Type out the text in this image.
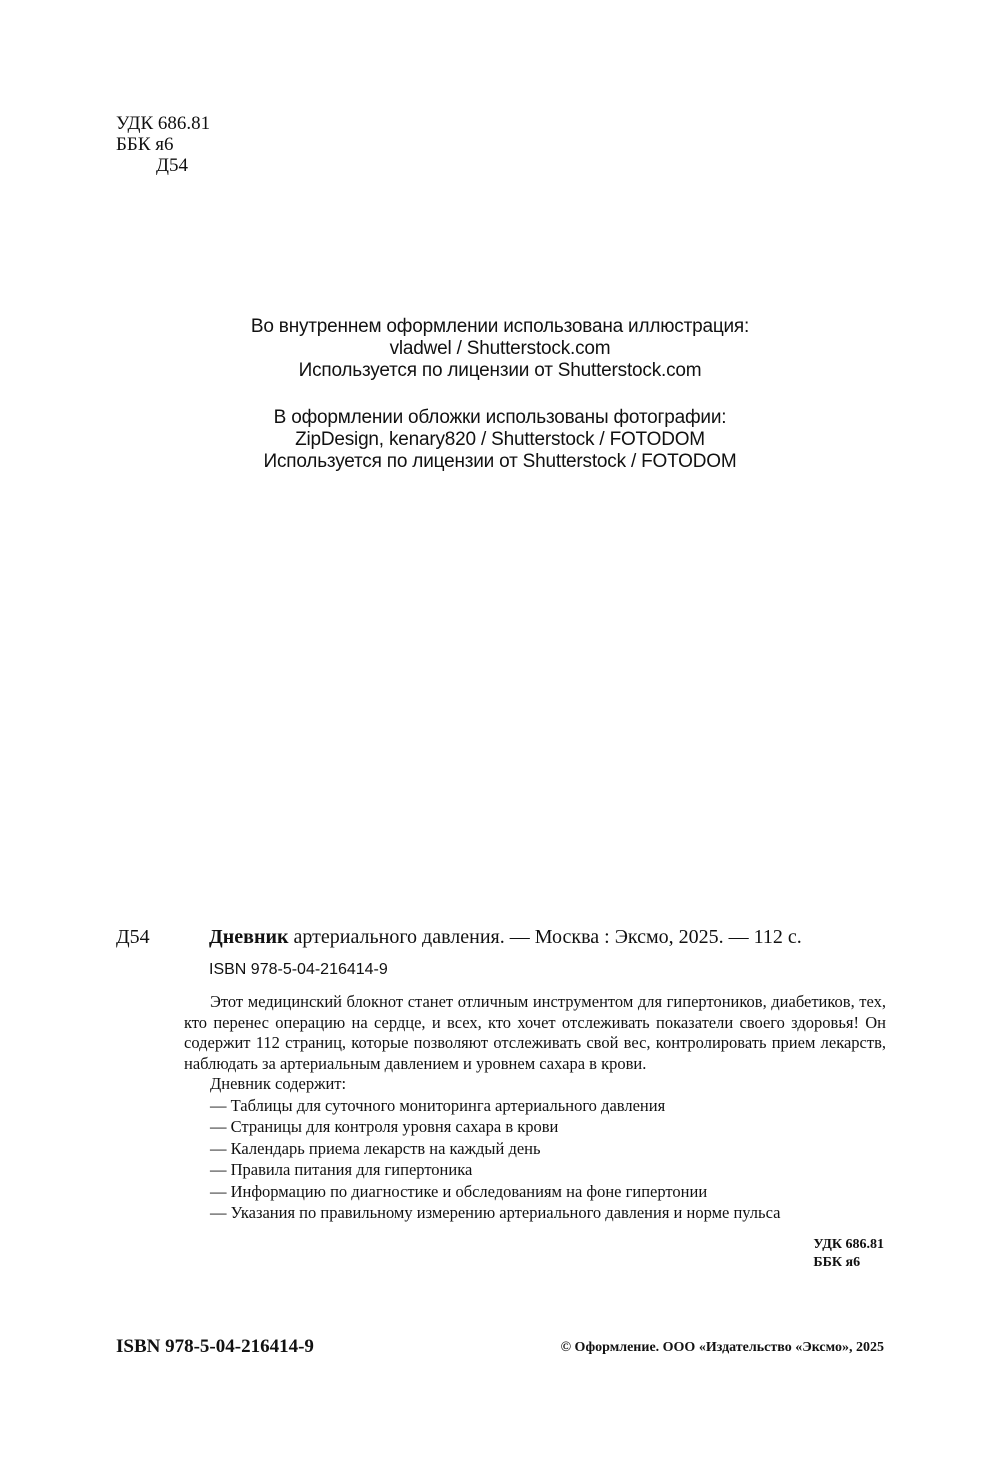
УДК 686.81
ББК я6
Д54
Во внутреннем оформлении использована иллюстрация:
vladwel / Shutterstock.com
Используется по лицензии от Shutterstock.com
В оформлении обложки использованы фотографии:
ZipDesign, kenary820 / Shutterstock / FOTODOM
Используется по лицензии от Shutterstock / FOTODOM
Д54	Дневник артериального давления. — Москва : Эксмо, 2025. — 112 с.
ISBN 978-5-04-216414-9

Этот медицинский блокнот станет отличным инструментом для гипертоников, диабетиков, тех, кто перенес операцию на сердце, и всех, кто хочет отслеживать показатели своего здоровья! Он содержит 112 страниц, которые позволяют отслеживать свой вес, контролировать прием лекарств, наблюдать за артериальным давлением и уровнем сахара в крови.

Дневник содержит:

— Таблицы для суточного мониторинга артериального давления
— Страницы для контроля уровня сахара в крови
— Календарь приема лекарств на каждый день
— Правила питания для гипертоника
— Информацию по диагностике и обследованиям на фоне гипертонии
— Указания по правильному измерению артериального давления и норме пульса
УДК 686.81
ББК я6
ISBN 978-5-04-216414-9	© Оформление. ООО «Издательство «Эксмо», 2025
